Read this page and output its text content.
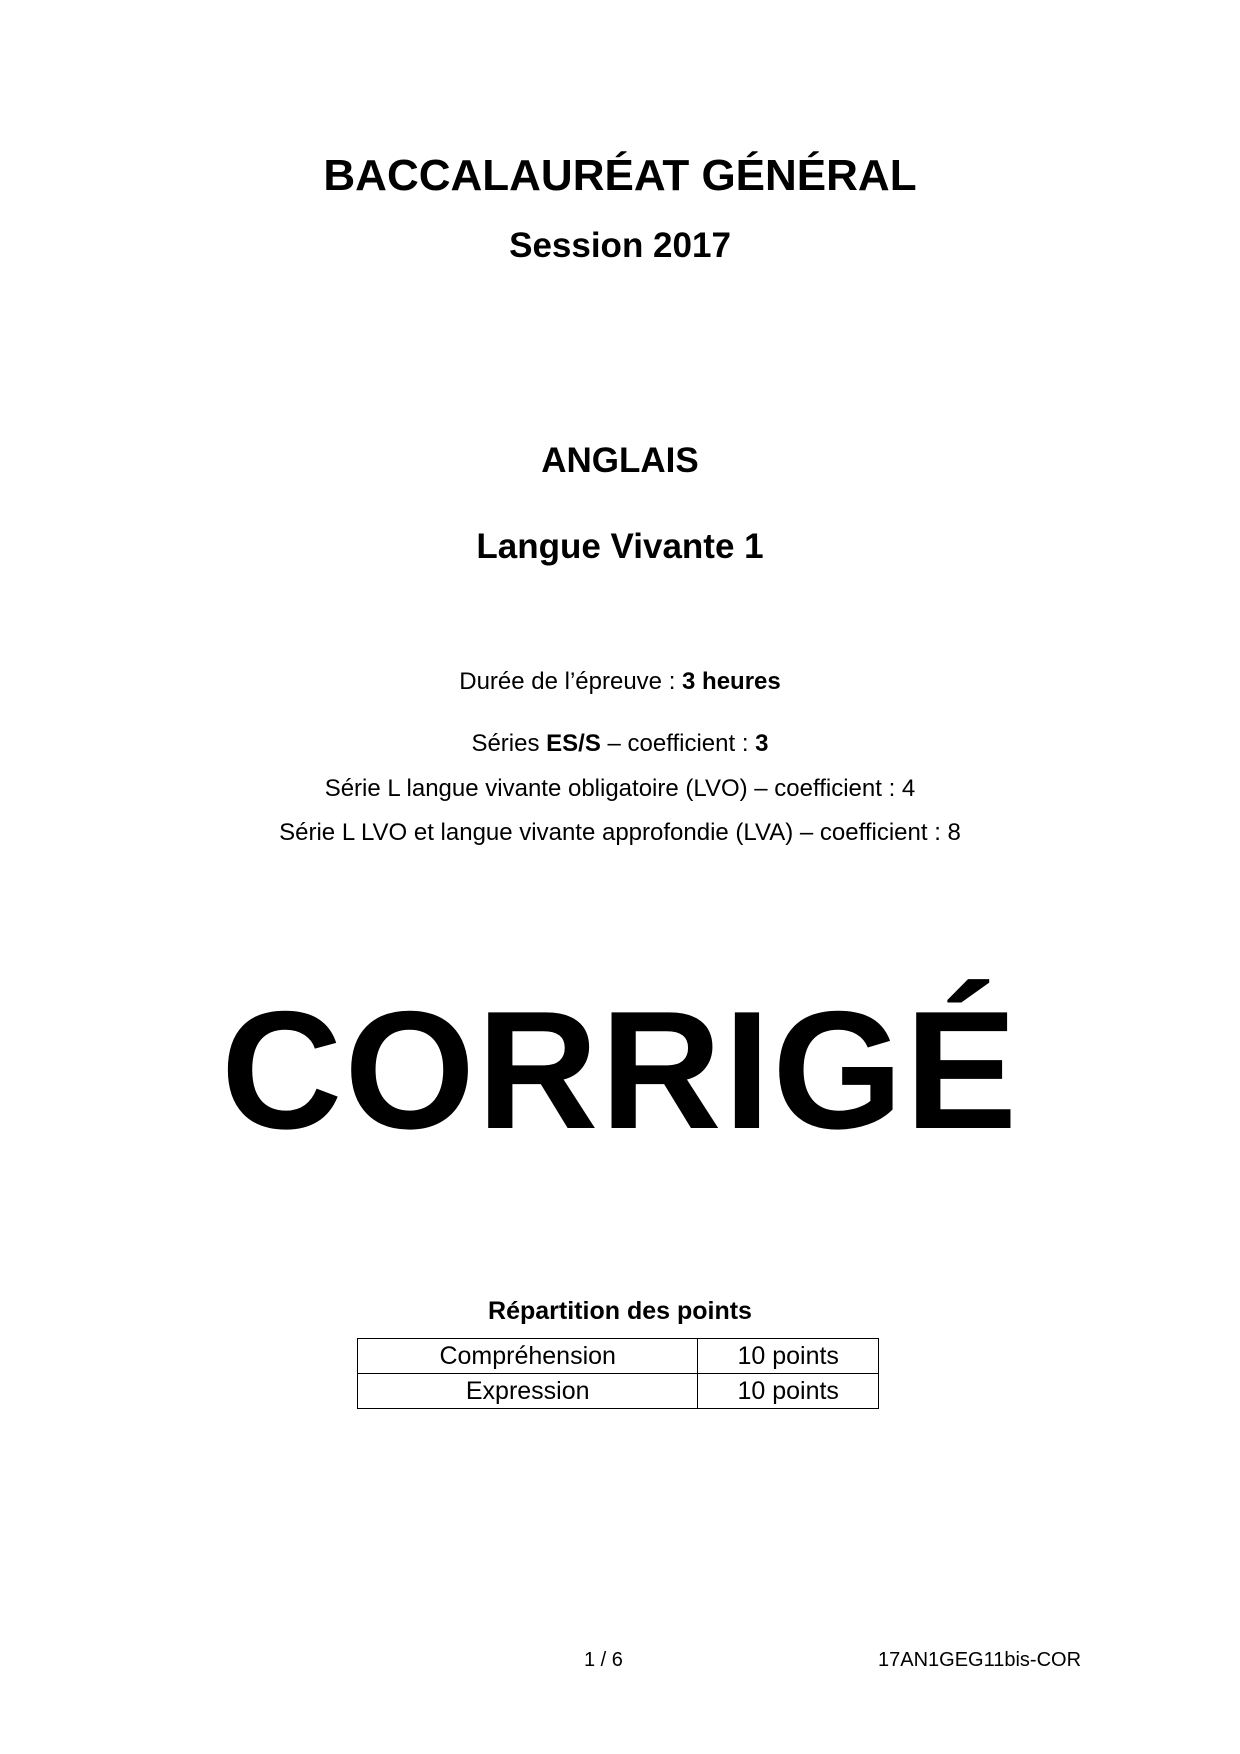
BACCALAURÉAT GÉNÉRAL
Session 2017
ANGLAIS
Langue Vivante 1
Durée de l’épreuve : 3 heures
Séries ES/S – coefficient : 3
Série L langue vivante obligatoire (LVO) – coefficient : 4
Série L LVO et langue vivante approfondie (LVA) – coefficient : 8
CORRIGÉ
Répartition des points
Compréhension	10 points
Expression	10 points
1 / 6	17AN1GEG11bis-COR
